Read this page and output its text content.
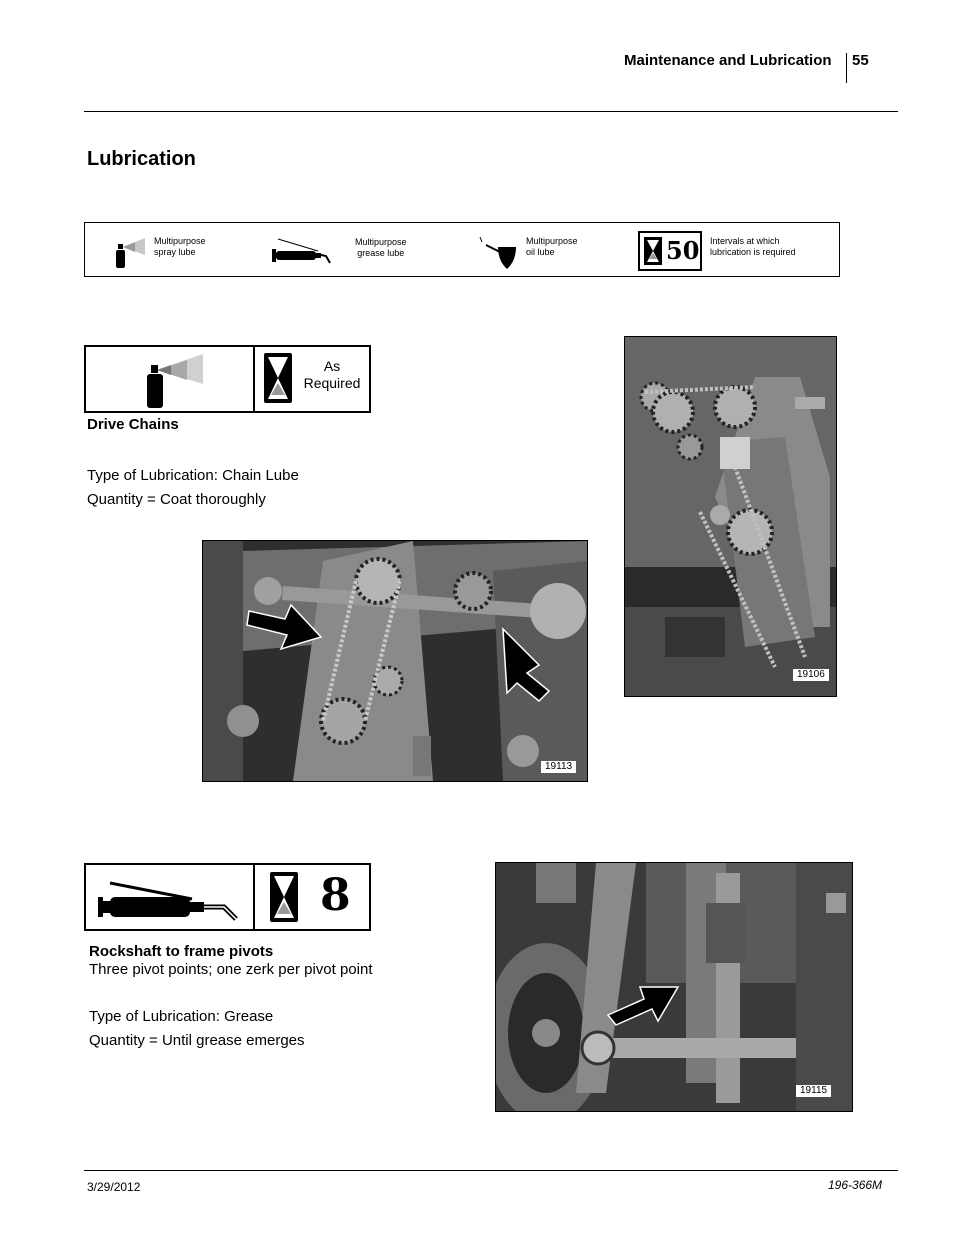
Maintenance and Lubrication 55
Lubrication
Multipurpose
spray lube
Multipurpose
grease lube
Multipurpose
oil lube	50 Intervals at which
lubrication is required
As
Required
Drive Chains
Type of Lubrication: Chain Lube
Quantity = Coat thoroughly
19113
19106
8
Rockshaft to frame pivots
Three pivot points; one zerk per pivot point
Type of Lubrication: Grease
Quantity = Until grease emerges
19115
3/29/2012	196-366M
